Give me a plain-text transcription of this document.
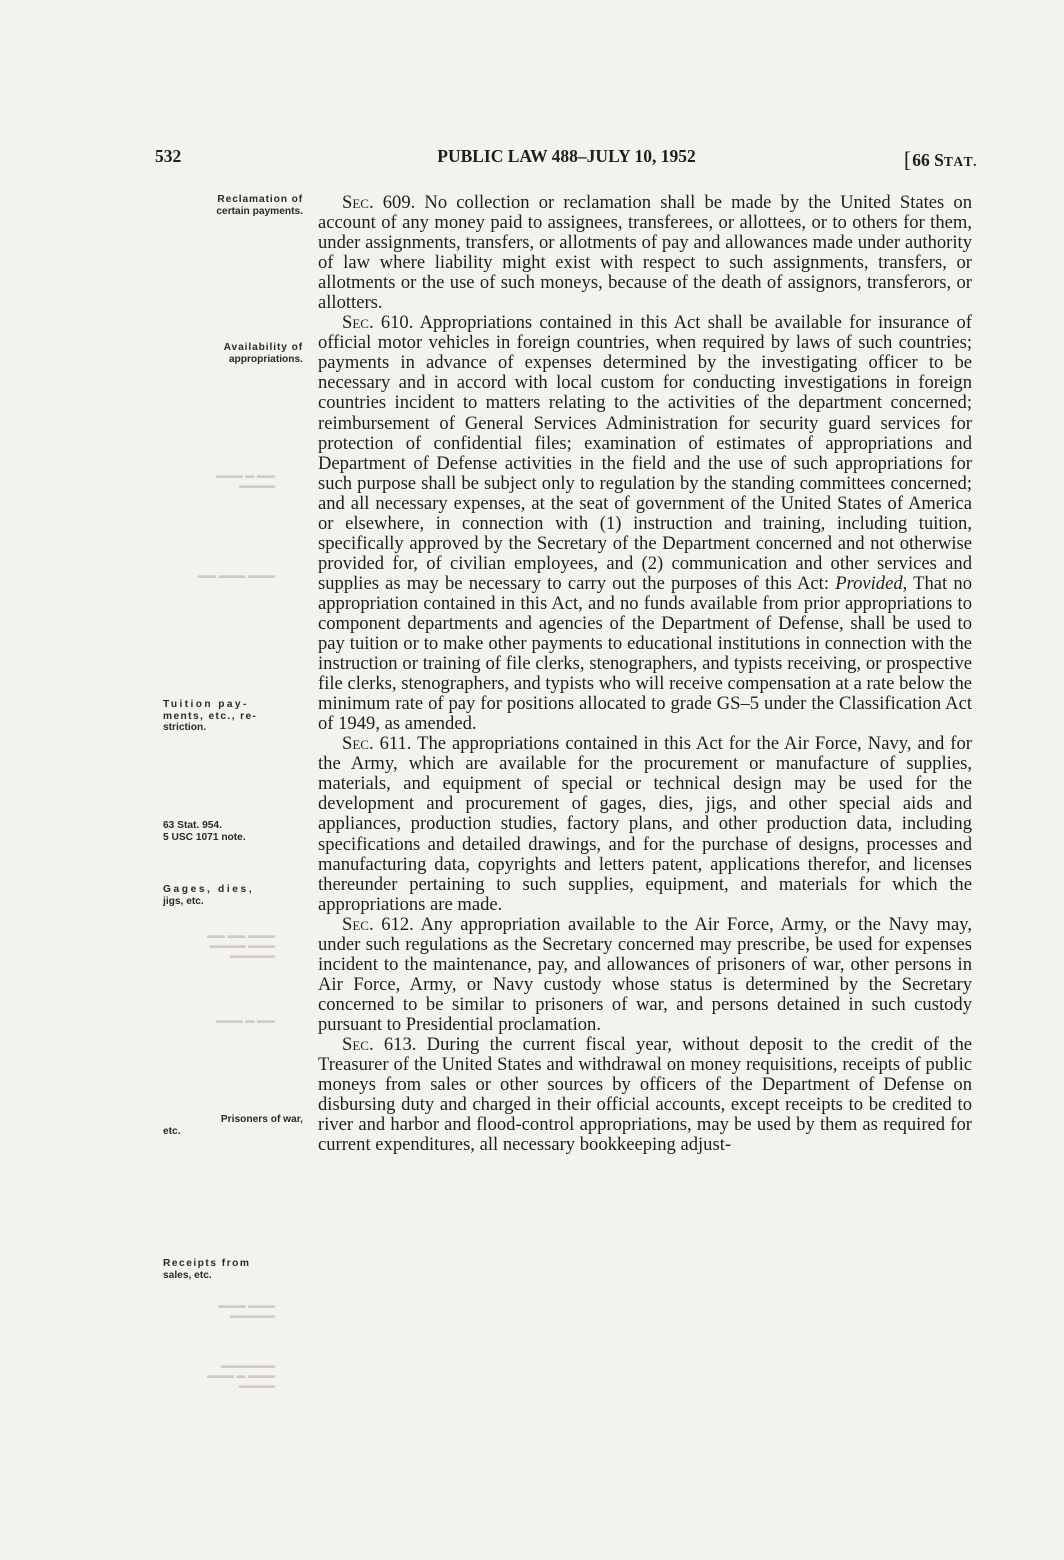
532	PUBLIC LAW 488–JULY 10, 1952	[66 STAT.
▬▬▬ ▬ ▬▬
▬▬▬▬
▬▬ ▬▬▬ ▬▬▬
▬▬ ▬▬ ▬▬▬
▬▬▬▬ ▬▬▬
▬▬▬▬▬
▬▬▬ ▬ ▬▬
▬▬▬ ▬▬▬
▬▬▬▬▬
▬▬▬▬▬▬
▬▬▬ ▬ ▬▬▬
▬▬▬▬
Reclamation of
certain payments.
Availability of
appropriations.
Tuition pay-
ments, etc., re-
striction.
63 Stat. 954.
5 USC 1071 note.
Gages, dies,
jigs, etc.
Prisoners of war,
etc.
Receipts from
sales, etc.

Sec. 609. No collection or reclamation shall be made by the United States on account of any money paid to assignees, transferees, or allottees, or to others for them, under assignments, transfers, or allotments of pay and allowances made under authority of law where liability might exist with respect to such assignments, transfers, or allotments or the use of such moneys, because of the death of assignors, transferors, or allotters.

Sec. 610. Appropriations contained in this Act shall be available for insurance of official motor vehicles in foreign countries, when required by laws of such countries; payments in advance of expenses determined by the investigating officer to be necessary and in accord with local custom for conducting investigations in foreign countries incident to matters relating to the activities of the department concerned; reimbursement of General Services Administration for security guard services for protection of confidential files; examination of estimates of appropriations and Department of Defense activities in the field and the use of such appropriations for such purpose shall be subject only to regulation by the standing committees concerned; and all necessary expenses, at the seat of government of the United States of America or elsewhere, in connection with (1) instruction and training, including tuition, specifically approved by the Secretary of the Department concerned and not otherwise provided for, of civilian employees, and (2) communication and other services and supplies as may be necessary to carry out the purposes of this Act: Provided, That no appropriation contained in this Act, and no funds available from prior appropriations to component departments and agencies of the Department of Defense, shall be used to pay tuition or to make other payments to educational institutions in connection with the instruction or training of file clerks, stenographers, and typists receiving, or prospective file clerks, stenographers, and typists who will receive compensation at a rate below the minimum rate of pay for positions allocated to grade GS–5 under the Classification Act of 1949, as amended.

Sec. 611. The appropriations contained in this Act for the Air Force, Navy, and for the Army, which are available for the procurement or manufacture of supplies, materials, and equipment of special or technical design may be used for the development and procurement of gages, dies, jigs, and other special aids and appliances, production studies, factory plans, and other production data, including specifications and detailed drawings, and for the purchase of designs, processes and manufacturing data, copyrights and letters patent, applications therefor, and licenses thereunder pertaining to such supplies, equipment, and materials for which the appropriations are made.

Sec. 612. Any appropriation available to the Air Force, Army, or the Navy may, under such regulations as the Secretary concerned may prescribe, be used for expenses incident to the maintenance, pay, and allowances of prisoners of war, other persons in Air Force, Army, or Navy custody whose status is determined by the Secretary concerned to be similar to prisoners of war, and persons detained in such custody pursuant to Presidential proclamation.

Sec. 613. During the current fiscal year, without deposit to the credit of the Treasurer of the United States and withdrawal on money requisitions, receipts of public moneys from sales or other sources by officers of the Department of Defense on disbursing duty and charged in their official accounts, except receipts to be credited to river and harbor and flood-control appropriations, may be used by them as required for current expenditures, all necessary bookkeeping adjust-
